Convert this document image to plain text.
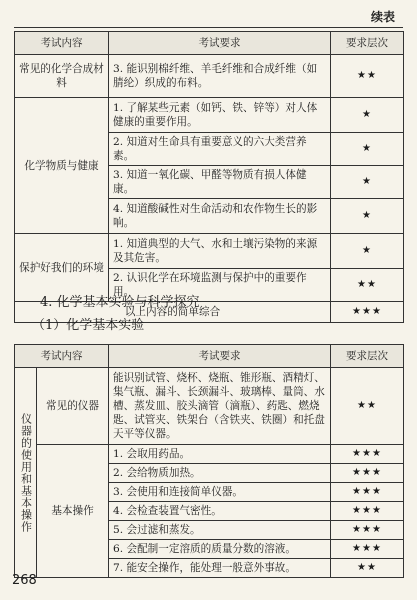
续表
考试内容	考试要求	要求层次
常见的化学合成材料	3. 能识别棉纤维、羊毛纤维和合成纤维（如腈纶）织成的布料。	★★
化学物质与健康	1. 了解某些元素（如钙、铁、锌等）对人体健康的重要作用。	★
	2. 知道对生命具有重要意义的六大类营养素。	★
	3. 知道一氧化碳、甲醛等物质有损人体健康。	★
	4. 知道酸碱性对生命活动和农作物生长的影响。	★
保护好我们的环境	1. 知道典型的大气、水和土壤污染物的来源及其危害。	★
	2. 认识化学在环境监测与保护中的重要作用。	★★
以上内容的简单综合		★★★
4. 化学基本实验与科学探究
（1）化学基本实验
考试内容		考试要求	要求层次

仪器的使用和基本操作	常见的仪器	能识别试管、烧杯、烧瓶、锥形瓶、酒精灯、集气瓶、漏斗、长颈漏斗、玻璃棒、量筒、水槽、蒸发皿、胶头滴管（滴瓶）、药匙、燃烧匙、试管夹、铁架台（含铁夹、铁圈）和托盘天平等仪器。	★★
	基本操作	1. 会取用药品。	★★★
		2. 会给物质加热。	★★★
		3. 会使用和连接简单仪器。	★★★
		4. 会检查装置气密性。	★★★
		5. 会过滤和蒸发。	★★★
		6. 会配制一定溶质的质量分数的溶液。	★★★
		7. 能安全操作，能处理一般意外事故。	★★
268
